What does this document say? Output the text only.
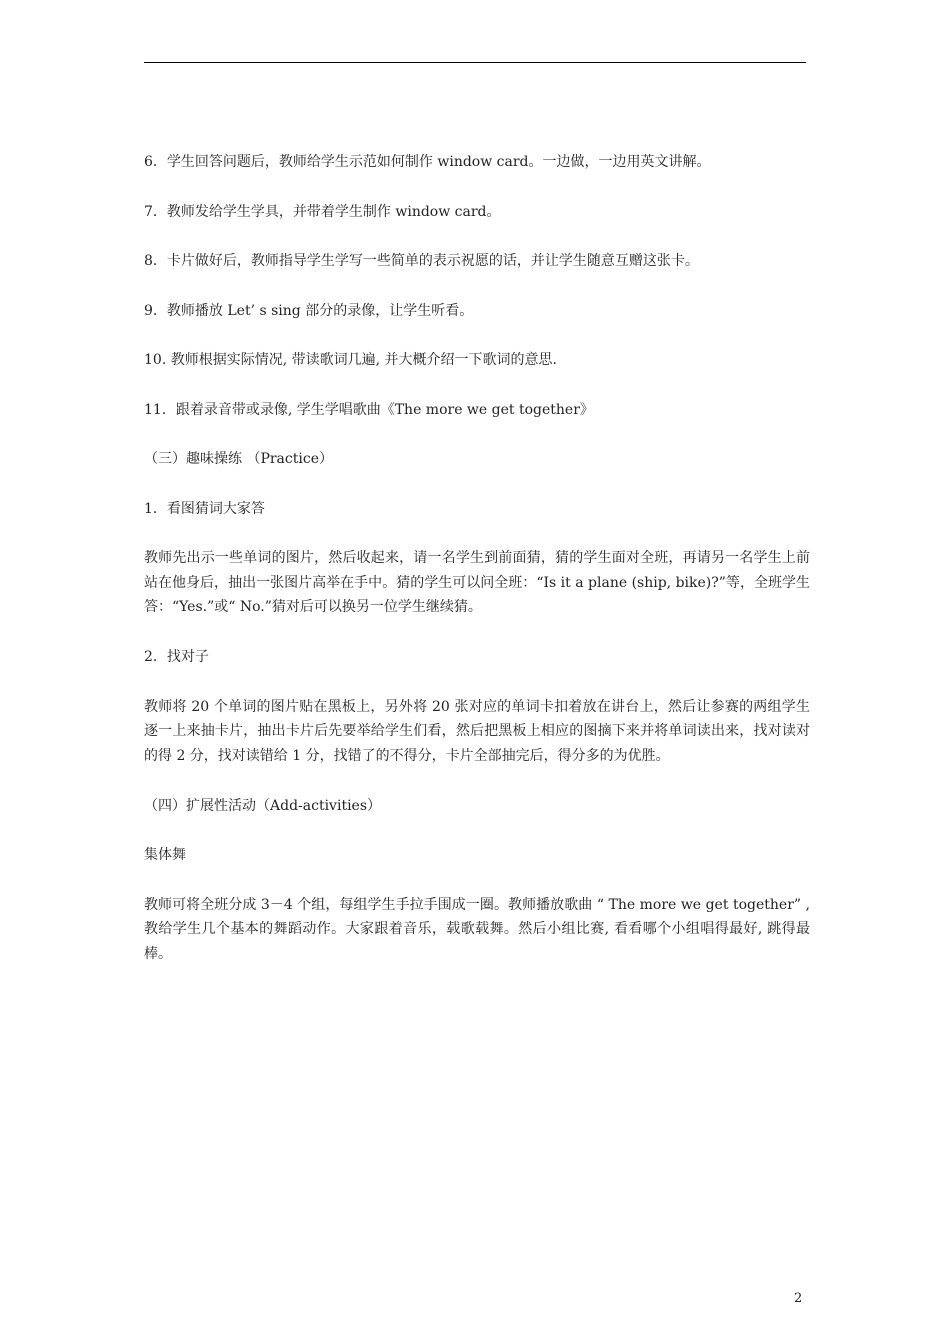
6．学生回答问题后，教师给学生示范如何制作 window card。一边做，一边用英文讲解。

7．教师发给学生学具，并带着学生制作 window card。

8．卡片做好后，教师指导学生学写一些简单的表示祝愿的话，并让学生随意互赠这张卡。

9．教师播放 Let’ s sing 部分的录像，让学生听看。

10. 教师根据实际情况, 带读歌词几遍, 并大概介绍一下歌词的意思.

11．跟着录音带或录像, 学生学唱歌曲《The more we get together》

（三）趣味操练 （Practice）

1．看图猜词大家答

教师先出示一些单词的图片，然后收起来，请一名学生到前面猜，猜的学生面对全班，再请另一名学生上前站在他身后，抽出一张图片高举在手中。猜的学生可以问全班：“Is it a plane (ship, bike)?”等，全班学生答：“Yes.”或“ No.”猜对后可以换另一位学生继续猜。

2．找对子

教师将 20 个单词的图片贴在黑板上，另外将 20 张对应的单词卡扣着放在讲台上，然后让参赛的两组学生逐一上来抽卡片，抽出卡片后先要举给学生们看，然后把黑板上相应的图摘下来并将单词读出来，找对读对的得 2 分，找对读错给 1 分，找错了的不得分，卡片全部抽完后，得分多的为优胜。

（四）扩展性活动（Add-activities）

集体舞

教师可将全班分成 3－4 个组，每组学生手拉手围成一圈。教师播放歌曲 “ The more we get together” , 教给学生几个基本的舞蹈动作。大家跟着音乐，载歌载舞。然后小组比赛, 看看哪个小组唱得最好, 跳得最棒。

2
